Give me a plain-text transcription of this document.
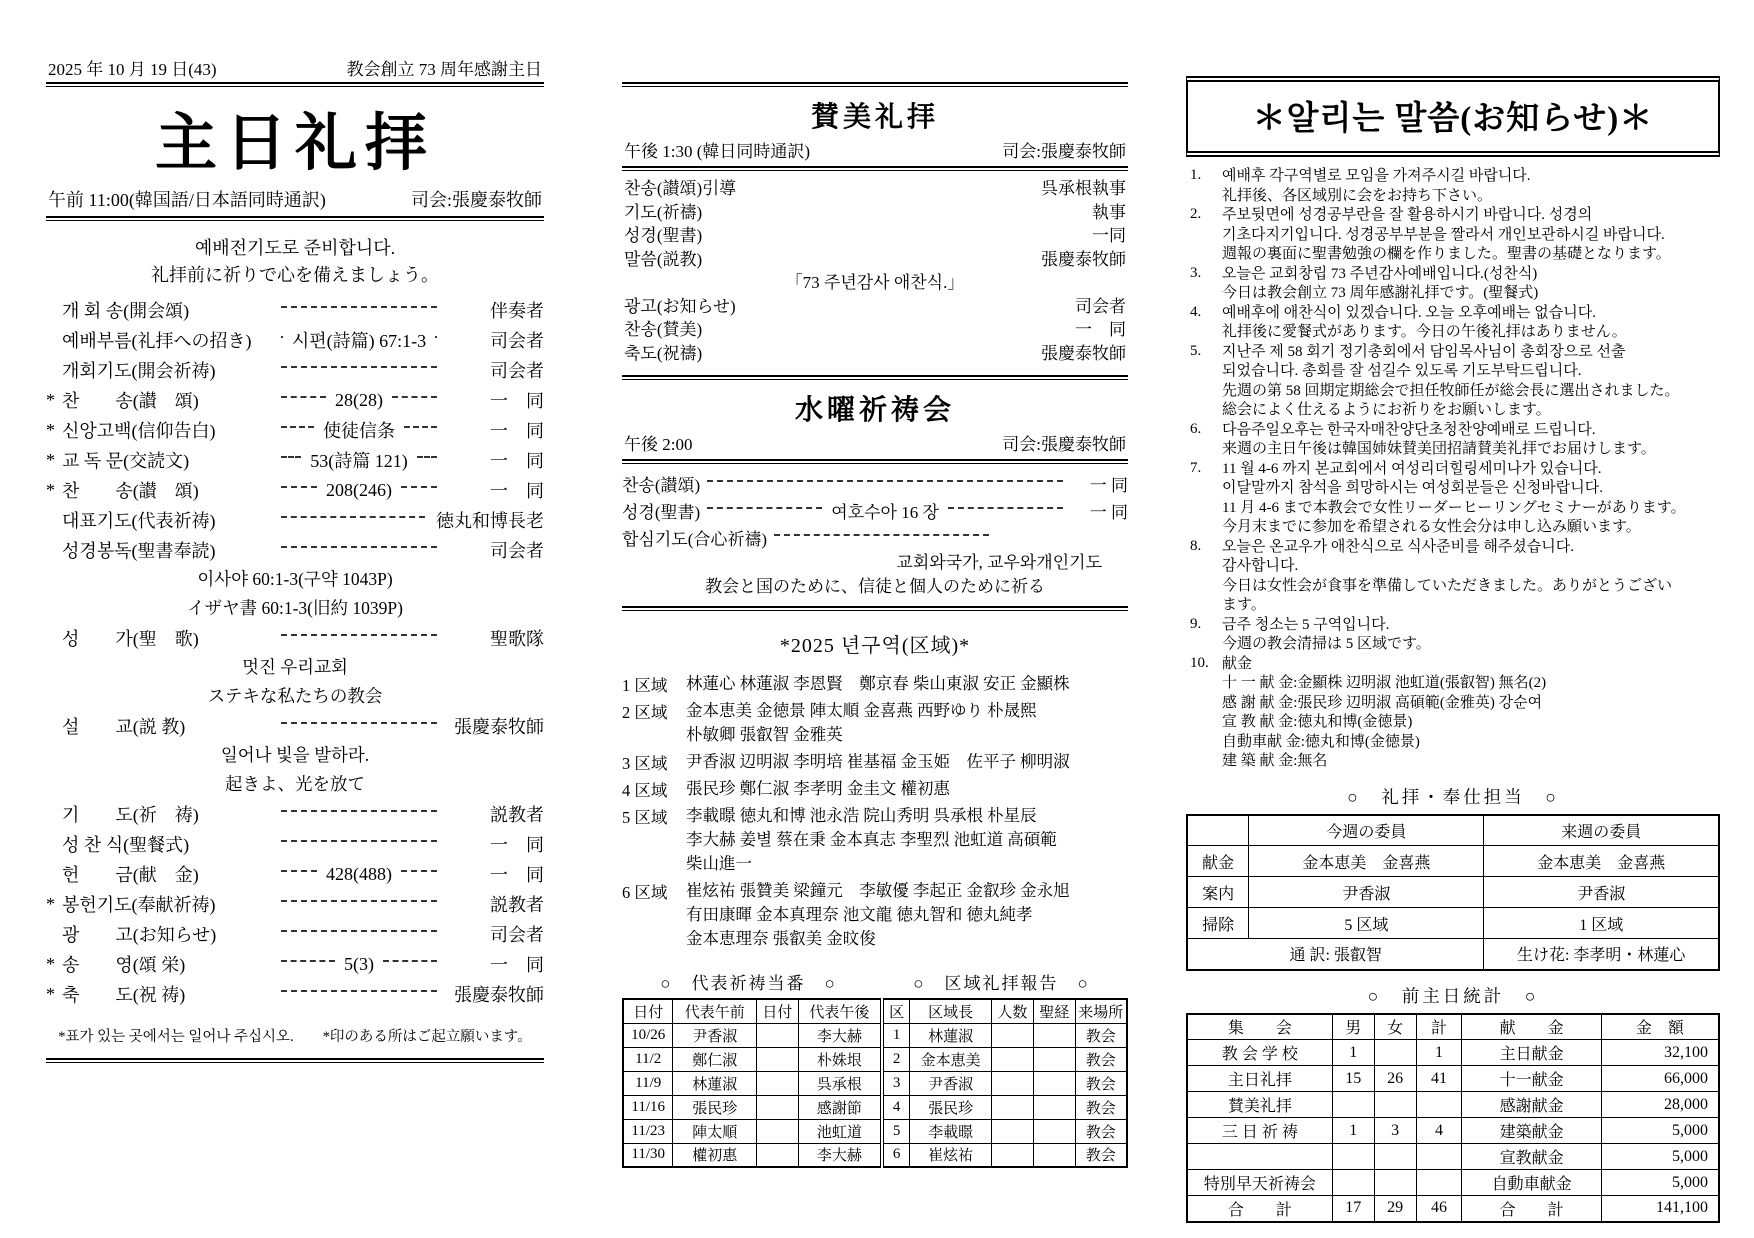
2025 年 10 月 19 日(43)	教会創立 73 周年感謝主日
主日礼拝
午前 11:00(韓国語/日本語同時通訳)	司会:張慶泰牧師
예배전기도로 준비합니다.
礼拝前に祈りで心を備えましょう。

개 회 송(開会頌)	伴奏者

예배부름(礼拝への招き)	시편(詩篇) 67:1-3	司会者

개회기도(開会祈祷)	司会者
* 찬　　송(讃　頌)	28(28)	一　同
* 신앙고백(信仰告白)	使徒信条	一　同
* 교 독 문(交読文)	53(詩篇 121)	一　同
* 찬　　송(讃　頌)	208(246)	一　同

대표기도(代表祈祷)	徳丸和博長老

성경봉독(聖書奉読)	司会者
이사야 60:1-3(구약 1043P)
イザヤ書 60:1-3(旧約 1039P)

성　　가(聖　歌)	聖歌隊
멋진 우리교회
ステキな私たちの教会

설　　교(説 教)	張慶泰牧師
일어나 빛을 발하라.
起きよ、光を放て

기　　도(祈　祷)	説教者

성 찬 식(聖餐式)	一　同

헌　　금(献　金)	428(488)	一　同
* 봉헌기도(奉献祈祷)	説教者

광　　고(お知らせ)	司会者
* 송　　영(頌 栄)	5(3)	一　同
* 축　　도(祝 祷)	張慶泰牧師
*표가 있는 곳에서는 일어나 주십시오.　　*印のある所はご起立願います。
賛美礼拝
午後 1:30 (韓日同時通訳)	司会:張慶泰牧師
찬송(讃頌)引導	呉承根執事
기도(祈禱)	執事
성경(聖書)	一同
말씀(説教)	張慶泰牧師
「73 주년감사 애찬식.」
광고(お知らせ)	司会者
찬송(賛美)	一　同
축도(祝禱)	張慶泰牧師
水曜祈祷会
午後 2:00	司会:張慶泰牧師
찬송(讃頌)	一 同
성경(聖書)	여호수아 16 장	一 同
합심기도(合心祈禱)
교회와국가, 교우와개인기도
教会と国のために、信徒と個人のために祈る
*2025 년구역(区域)*
1 区域	林蓮心 林蓮淑 李恩賢　鄭京春 柴山東淑 安正 金顯株
2 区域	金本恵美 金徳景 陣太順 金喜燕 西野ゆり 朴晟熙
朴敏卿 張叡智 金雅英
3 区域	尹香淑 辺明淑 李明培 崔基福 金玉姫　佐平子 柳明淑
4 区域	張民珍 鄭仁淑 李孝明 金圭文 權初惠
5 区域	李載暻 徳丸和博 池永浩 院山秀明 呉承根 朴星辰
李大赫 姜별 蔡在秉 金本真志 李聖烈 池虹道 高碩範
柴山進一
6 区域	崔炫祐 張贊美 梁鐘元　李敏優 李起正 金叡珍 金永旭
有田康暉 金本真理奈 池文龍 徳丸智和 徳丸純孝
金本恵理奈 張叡美 金旼俊
○　代表祈祷当番　○	○　区域礼拝報告　○
日付	代表午前	日付	代表午後	区	区域長	人数	聖経	来場所
10/26	尹香淑		李大赫	1	林蓮淑			教会
11/2	鄭仁淑		朴姝垠	2	金本恵美			教会
11/9	林蓮淑		呉承根	3	尹香淑			教会
11/16	張民珍		感謝節	4	張民珍			教会
11/23	陣太順		池虹道	5	李載暻			教会
11/30	權初惠		李大赫	6	崔炫祐			教会
＊알리는 말씀(お知らせ)＊
1.	예배후 각구역별로 모임을 가져주시길 바랍니다.
礼拝後、各区域別に会をお持ち下さい。
2.	주보뒷면에 성경공부란을 잘 활용하시기 바랍니다. 성경의
기초다지기입니다. 성경공부부분을 짤라서 개인보관하시길 바랍니다.
週報の裏面に聖書勉強の欄を作りました。聖書の基礎となります。
3.	오늘은 교회창립 73 주년감사예배입니다.(성찬식)
今日は教会創立 73 周年感謝礼拝です。(聖餐式)
4.	예배후에 애찬식이 있겠습니다. 오늘 오후예배는 없습니다.
礼拝後に愛餐式があります。今日の午後礼拝はありません。
5.	지난주 제 58 회기 정기총회에서 담임목사님이 총회장으로 선출
되었습니다. 총회를 잘 섬길수 있도록 기도부탁드립니다.
先週の第 58 回期定期総会で担任牧師任が総会長に選出されました。
総会によく仕えるようにお祈りをお願いします。
6.	다음주일오후는 한국자매찬양단초청찬양예배로 드립니다.
来週の主日午後は韓国姉妹賛美団招請賛美礼拝でお届けします。
7.	11 월 4-6 까지 본교회에서 여성리더힐링세미나가 있습니다.
이달말까지 참석을 희망하시는 여성회분들은 신청바랍니다.
11 月 4-6 まで本教会で女性リーダーヒーリングセミナーがあります。
今月末までに参加を希望される女性会分は申し込み願います。
8.	오늘은 온교우가 애찬식으로 식사준비를 해주셨습니다.
감사합니다.
今日は女性会が食事を準備していただきました。ありがとうござい
ます。
9.	금주 청소는 5 구역입니다.
今週の教会清掃は 5 区域です。
10. 献金
十 一 献 金:金顯株 辺明淑 池虹道(張叡智) 無名(2)
感 謝 献 金:張民珍 辺明淑 高碩範(金雅英) 강순여
宣 教 献 金:徳丸和博(金徳景)
自動車献 金:徳丸和博(金徳景)
建 築 献 金:無名
○　礼拝・奉仕担当　○
	今週の委員	来週の委員
献金	金本恵美　金喜燕	金本恵美　金喜燕
案内	尹香淑	尹香淑
掃除	5 区域	1 区域
通 訳: 張叡智		生け花: 李孝明・林蓮心
○　前主日統計　○
集　　会	男	女	計	献　　金	金　額
教 会 学 校	1		1	主日献金	32,100
主日礼拝	15	26	41	十一献金	66,000
賛美礼拝				感謝献金	28,000
三 日 祈 祷	1	3	4	建築献金	5,000
				宣教献金	5,000
特別早天祈祷会				自動車献金	5,000
合　　計	17	29	46	合　　計	141,100
